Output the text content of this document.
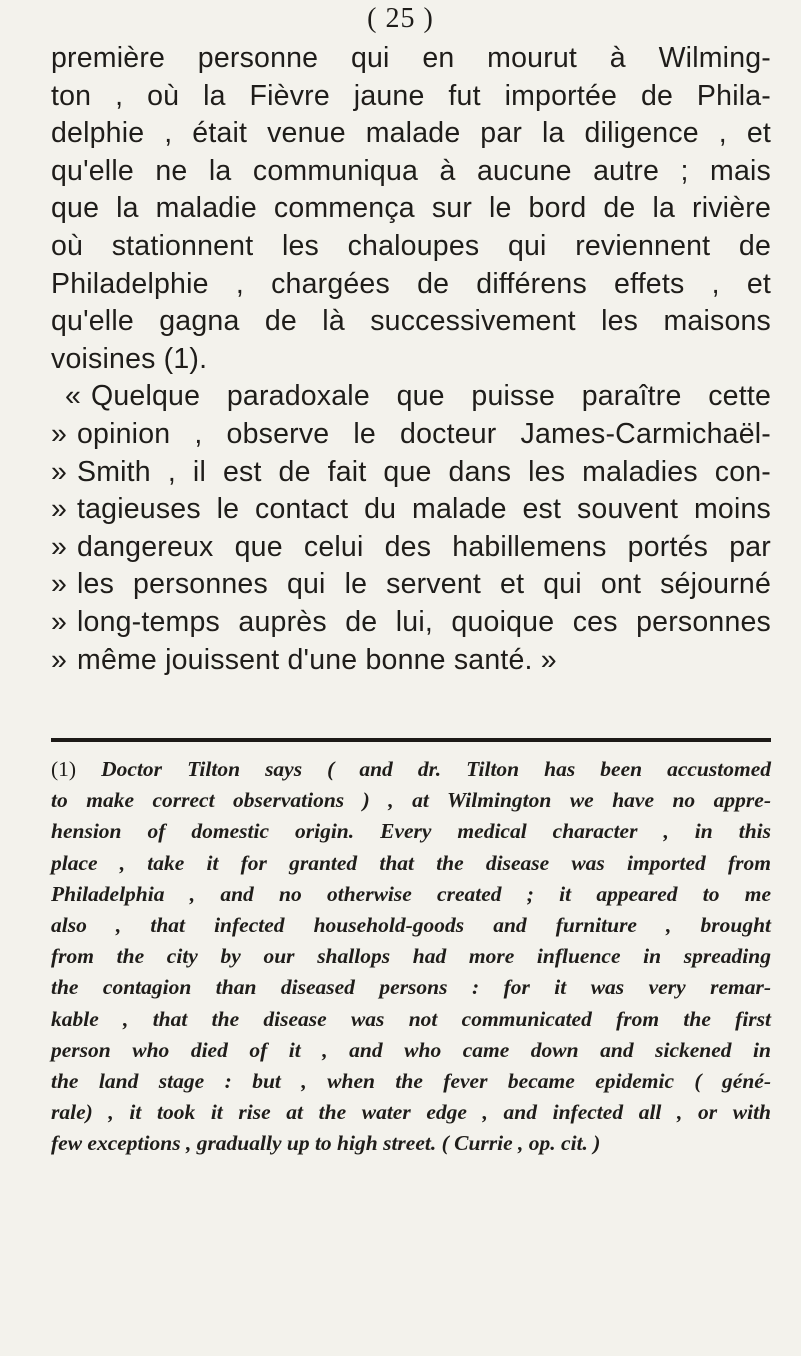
( 25 )
première personne qui en mourut à Wilming-
ton , où la Fièvre jaune fut importée de Phila-
delphie , était venue malade par la diligence , et
qu'elle ne la communiqua à aucune autre ; mais
que la maladie commença sur le bord de la rivière
où stationnent les chaloupes qui reviennent de
Philadelphie , chargées de différens effets , et
qu'elle gagna de là successivement les maisons
voisines (1).
« Quelque paradoxale que puisse paraître cette
» opinion , observe le docteur James-Carmichaël-
» Smith , il est de fait que dans les maladies con-
» tagieuses le contact du malade est souvent moins
» dangereux que celui des habillemens portés par
» les personnes qui le servent et qui ont séjourné
» long-temps auprès de lui, quoique ces personnes
» même jouissent d'une bonne santé. »
(1) Doctor Tilton says ( and dr. Tilton has been accustomed
to make correct observations ) , at Wilmington we have no appre-
hension of domestic origin. Every medical character , in this
place , take it for granted that the disease was imported from
Philadelphia , and no otherwise created ; it appeared to me
also , that infected household-goods and furniture , brought
from the city by our shallops had more influence in spreading
the contagion than diseased persons : for it was very remar-
kable , that the disease was not communicated from the first
person who died of it , and who came down and sickened in
the land stage : but , when the fever became epidemic ( géné-
rale) , it took it rise at the water edge , and infected all , or with
few exceptions , gradually up to high street. ( Currie , op. cit. )
